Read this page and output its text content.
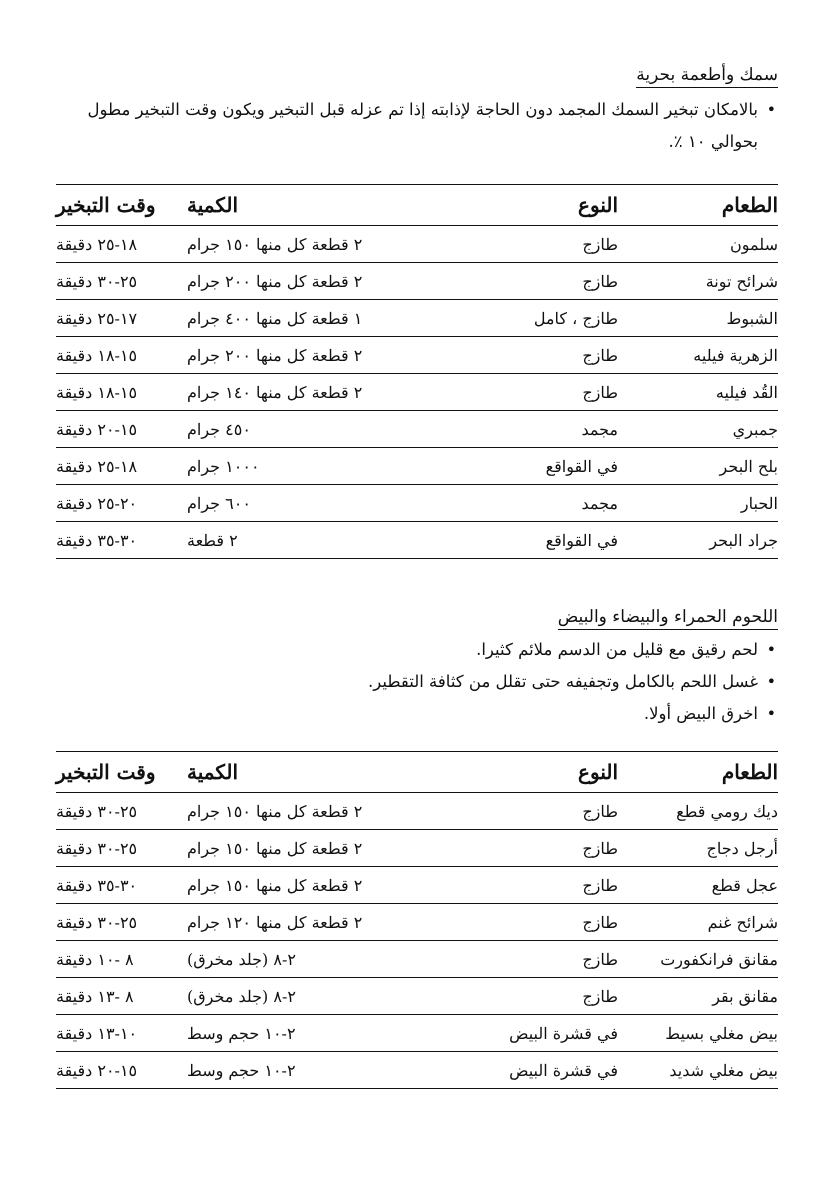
سمك وأطعمة بحرية
•
بالامكان تبخير السمك المجمد دون الحاجة لإذابته إذا تم عزله قبل التبخير ويكون وقت التبخير مطول بحوالي ١٠ ٪.
الطعام	النوع	الكمية	وقت التبخير
سلمون	طازج	٢ قطعة كل منها ١٥٠ جرام	١٨-٢٥ دقيقة
شرائح تونة	طازج	٢ قطعة كل منها ٢٠٠ جرام	٢٥-٣٠ دقيقة
الشبوط	طازج ، كامل	١ قطعة كل منها ٤٠٠ جرام	١٧-٢٥ دقيقة
الزهرية فيليه	طازج	٢ قطعة كل منها ٢٠٠ جرام	١٥-١٨ دقيقة
القُد فيليه	طازج	٢ قطعة كل منها ١٤٠ جرام	١٥-١٨ دقيقة
جمبري	مجمد	٤٥٠ جرام	١٥-٢٠ دقيقة
بلح البحر	في القواقع	١٠٠٠ جرام	١٨-٢٥ دقيقة
الحبار	مجمد	٦٠٠ جرام	٢٠-٢٥ دقيقة
جراد البحر	في القواقع	٢ قطعة	٣٠-٣٥ دقيقة
اللحوم الحمراء والبيضاء والبيض
•
لحم رقيق مع قليل من الدسم ملائم كثيرا.
•
غسل اللحم بالكامل وتجفيفه حتى تقلل من كثافة التقطير.
•
اخرق البيض أولا.
الطعام	النوع	الكمية	وقت التبخير
ديك رومي قطع	طازج	٢ قطعة كل منها ١٥٠ جرام	٢٥-٣٠ دقيقة
أرجل دجاج	طازج	٢ قطعة كل منها ١٥٠ جرام	٢٥-٣٠ دقيقة
عجل قطع	طازج	٢ قطعة كل منها ١٥٠ جرام	٣٠-٣٥ دقيقة
شرائح غنم	طازج	٢ قطعة كل منها ١٢٠ جرام	٢٥-٣٠ دقيقة
مقانق فرانكفورت	طازج	٢-٨ (جلد مخرق)	٨ -١٠ دقيقة
مقانق بقر	طازج	٢-٨ (جلد مخرق)	٨ -١٣ دقيقة
بيض مغلي بسيط	في قشرة البيض	٢-١٠ حجم وسط	١٠-١٣ دقيقة
بيض مغلي شديد	في قشرة البيض	٢-١٠ حجم وسط	١٥-٢٠ دقيقة
